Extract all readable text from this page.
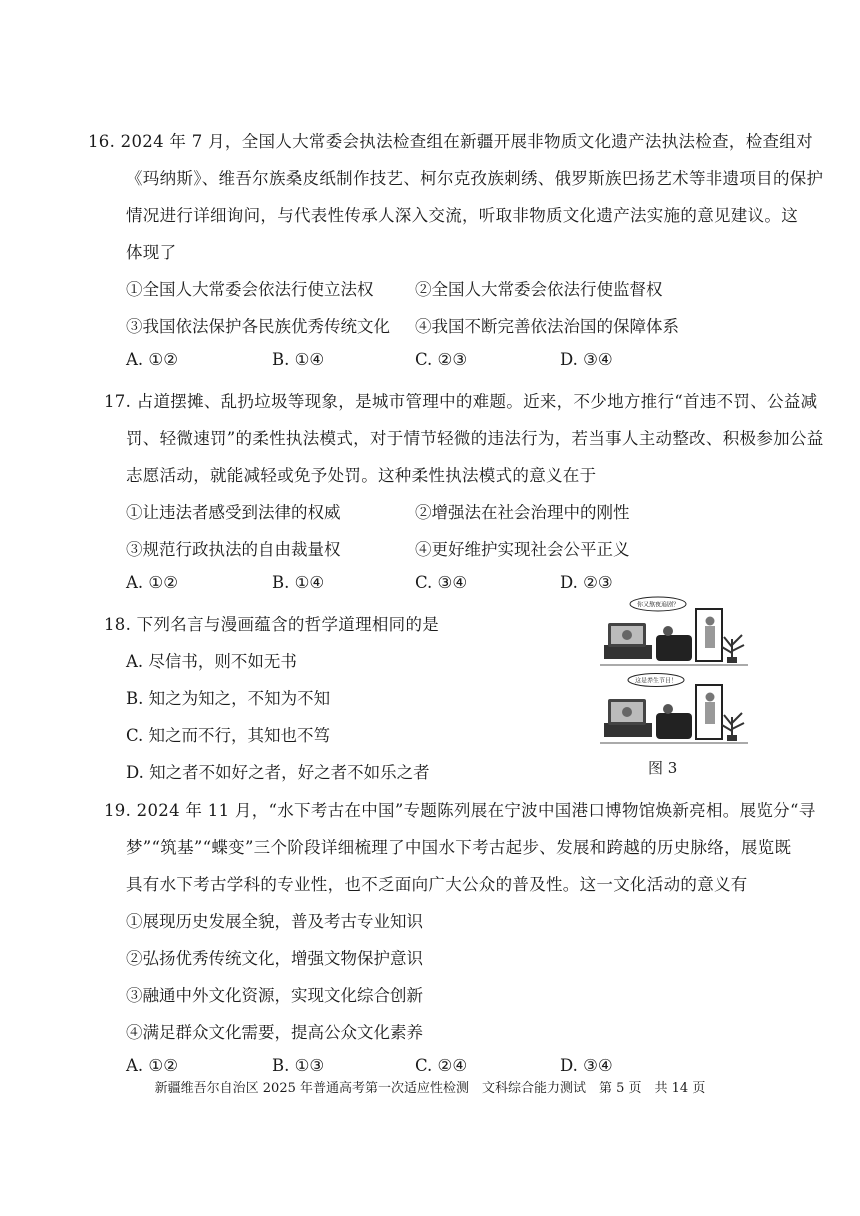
16. 2024 年 7 月，全国人大常委会执法检查组在新疆开展非物质文化遗产法执法检查，检查组对
《玛纳斯》、维吾尔族桑皮纸制作技艺、柯尔克孜族刺绣、俄罗斯族巴扬艺术等非遗项目的保护
情况进行详细询问，与代表性传承人深入交流，听取非物质文化遗产法实施的意见建议。这
体现了
①全国人大常委会依法行使立法权	②全国人大常委会依法行使监督权
③我国依法保护各民族优秀传统文化 ④我国不断完善依法治国的保障体系
A. ①②	B. ①④	C. ②③	D. ③④
17. 占道摆摊、乱扔垃圾等现象，是城市管理中的难题。近来，不少地方推行“首违不罚、公益减
罚、轻微速罚”的柔性执法模式，对于情节轻微的违法行为，若当事人主动整改、积极参加公益
志愿活动，就能减轻或免予处罚。这种柔性执法模式的意义在于
①让违法者感受到法律的权威	②增强法在社会治理中的刚性
③规范行政执法的自由裁量权	④更好维护实现社会公平正义
A. ①②	B. ①④	C. ③④	D. ②③
18. 下列名言与漫画蕴含的哲学道理相同的是
A. 尽信书，则不如无书
B. 知之为知之，不知为不知
C. 知之而不行，其知也不笃
D. 知之者不如好之者，好之者不如乐之者
你又熬夜追剧？
这是养生节目！
图 3
19. 2024 年 11 月，“水下考古在中国”专题陈列展在宁波中国港口博物馆焕新亮相。展览分“寻
梦”“筑基”“蝶变”三个阶段详细梳理了中国水下考古起步、发展和跨越的历史脉络，展览既
具有水下考古学科的专业性，也不乏面向广大公众的普及性。这一文化活动的意义有
①展现历史发展全貌，普及考古专业知识
②弘扬优秀传统文化，增强文物保护意识
③融通中外文化资源，实现文化综合创新
④满足群众文化需要，提高公众文化素养
A. ①②	B. ①③	C. ②④	D. ③④
新疆维吾尔自治区 2025 年普通高考第一次适应性检测　文科综合能力测试　第 5 页　共 14 页
